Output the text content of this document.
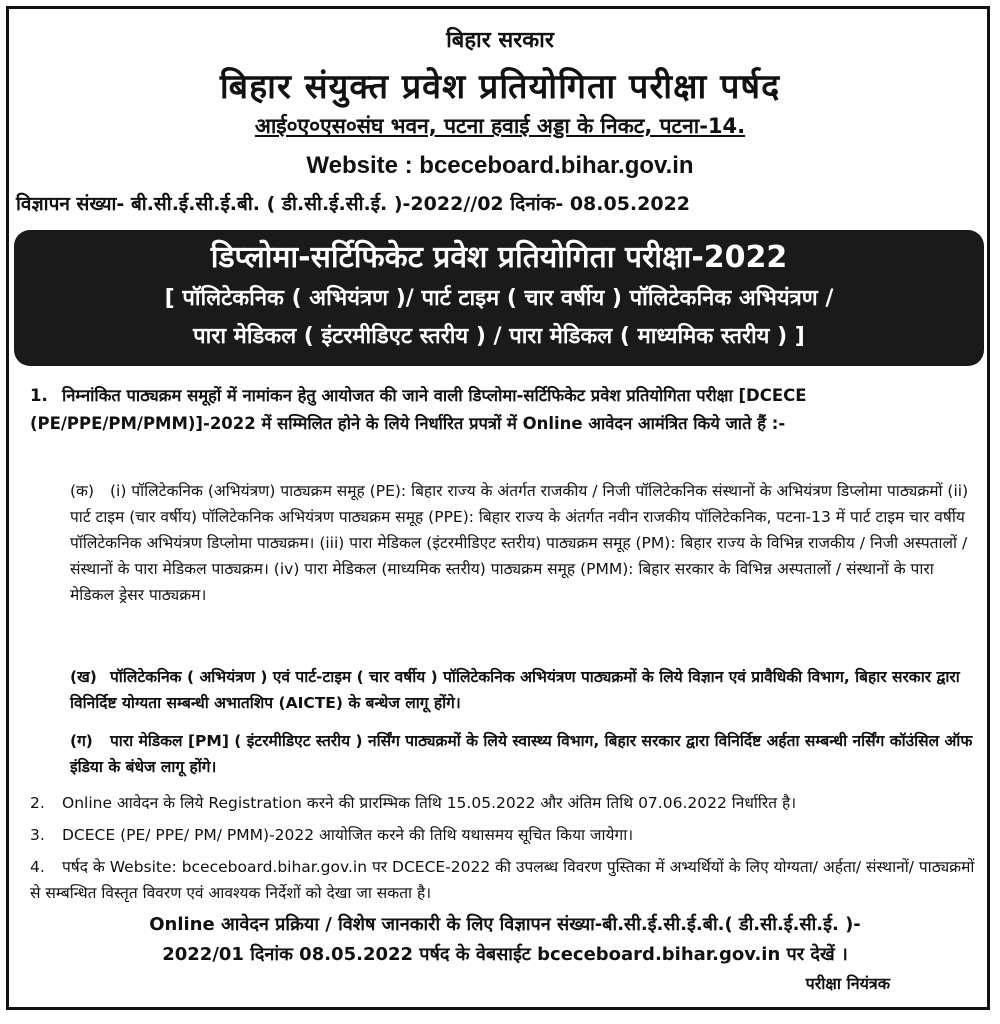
बिहार सरकार
बिहार संयुक्त प्रवेश प्रतियोगिता परीक्षा पर्षद
आई०ए०एस०संघ भवन, पटना हवाई अड्डा के निकट, पटना-14.
Website : bceceboard.bihar.gov.in
विज्ञापन संख्या- बी.सी.ई.सी.ई.बी. ( डी.सी.ई.सी.ई. )-2022//02 दिनांक- 08.05.2022
डिप्लोमा-सर्टिफिकेट प्रवेश प्रतियोगिता परीक्षा-2022
[ पॉलिटेकनिक ( अभियंत्रण )/ पार्ट टाइम ( चार वर्षीय ) पॉलिटेकनिक अभियंत्रण /
पारा मेडिकल ( इंटरमीडिएट स्तरीय ) / पारा मेडिकल ( माध्यमिक स्तरीय ) ]
1. निम्नांकित पाठ्यक्रम समूहों में नामांकन हेतु आयोजत की जाने वाली डिप्लोमा-सर्टिफिकेट प्रवेश प्रतियोगिता परीक्षा [DCECE (PE/PPE/PM/PMM)]-2022 में सम्मिलित होने के लिये निर्धारित प्रपत्रों में Online आवेदन आमंत्रित किये जाते हैं :-
(क) (i) पॉलिटेकनिक (अभियंत्रण) पाठ्यक्रम समूह (PE): बिहार राज्य के अंतर्गत राजकीय / निजी पॉलिटेकनिक संस्थानों के अभियंत्रण डिप्लोमा पाठ्यक्रमों (ii) पार्ट टाइम (चार वर्षीय) पॉलिटेकनिक अभियंत्रण पाठ्यक्रम समूह (PPE): बिहार राज्य के अंतर्गत नवीन राजकीय पॉलिटेकनिक, पटना-13 में पार्ट टाइम चार वर्षीय पॉलिटेकनिक अभियंत्रण डिप्लोमा पाठ्यक्रम। (iii) पारा मेडिकल (इंटरमीडिएट स्तरीय) पाठ्यक्रम समूह (PM): बिहार राज्य के विभिन्न राजकीय / निजी अस्पतालों / संस्थानों के पारा मेडिकल पाठ्यक्रम। (iv) पारा मेडिकल (माध्यमिक स्तरीय) पाठ्यक्रम समूह (PMM): बिहार सरकार के विभिन्न अस्पतालों / संस्थानों के पारा मेडिकल ड्रेसर पाठ्यक्रम।
(ख) पॉलिटेकनिक ( अभियंत्रण ) एवं पार्ट-टाइम ( चार वर्षीय ) पॉलिटेकनिक अभियंत्रण पाठ्यक्रमों के लिये विज्ञान एवं प्रावैधिकी विभाग, बिहार सरकार द्वारा विनिर्दिष्ट योग्यता सम्बन्धी अभातशिप (AICTE) के बन्धेज लागू होंगे।
(ग) पारा मेडिकल [PM] ( इंटरमीडिएट स्तरीय ) नर्सिंग पाठ्यक्रमों के लिये स्वास्थ्य विभाग, बिहार सरकार द्वारा विनिर्दिष्ट अर्हता सम्बन्धी नर्सिंग कॉउंसिल ऑफ इंडिया के बंधेज लागू होंगे।
2. Online आवेदन के लिये Registration करने की प्रारम्भिक तिथि 15.05.2022 और अंतिम तिथि 07.06.2022 निर्धारित है।
3. DCECE (PE/ PPE/ PM/ PMM)-2022 आयोजित करने की तिथि यथासमय सूचित किया जायेगा।
4. पर्षद के Website: bceceboard.bihar.gov.in पर DCECE-2022 की उपलब्ध विवरण पुस्तिका में अभ्यर्थियों के लिए योग्यता/ अर्हता/ संस्थानों/ पाठ्यक्रमों से सम्बन्धित विस्तृत विवरण एवं आवश्यक निर्देशों को देखा जा सकता है।
Online आवेदन प्रक्रिया / विशेष जानकारी के लिए विज्ञापन संख्या-बी.सी.ई.सी.ई.बी.( डी.सी.ई.सी.ई. )-
2022/01 दिनांक 08.05.2022 पर्षद के वेबसाईट bceceboard.bihar.gov.in पर देखें ।
परीक्षा नियंत्रक
